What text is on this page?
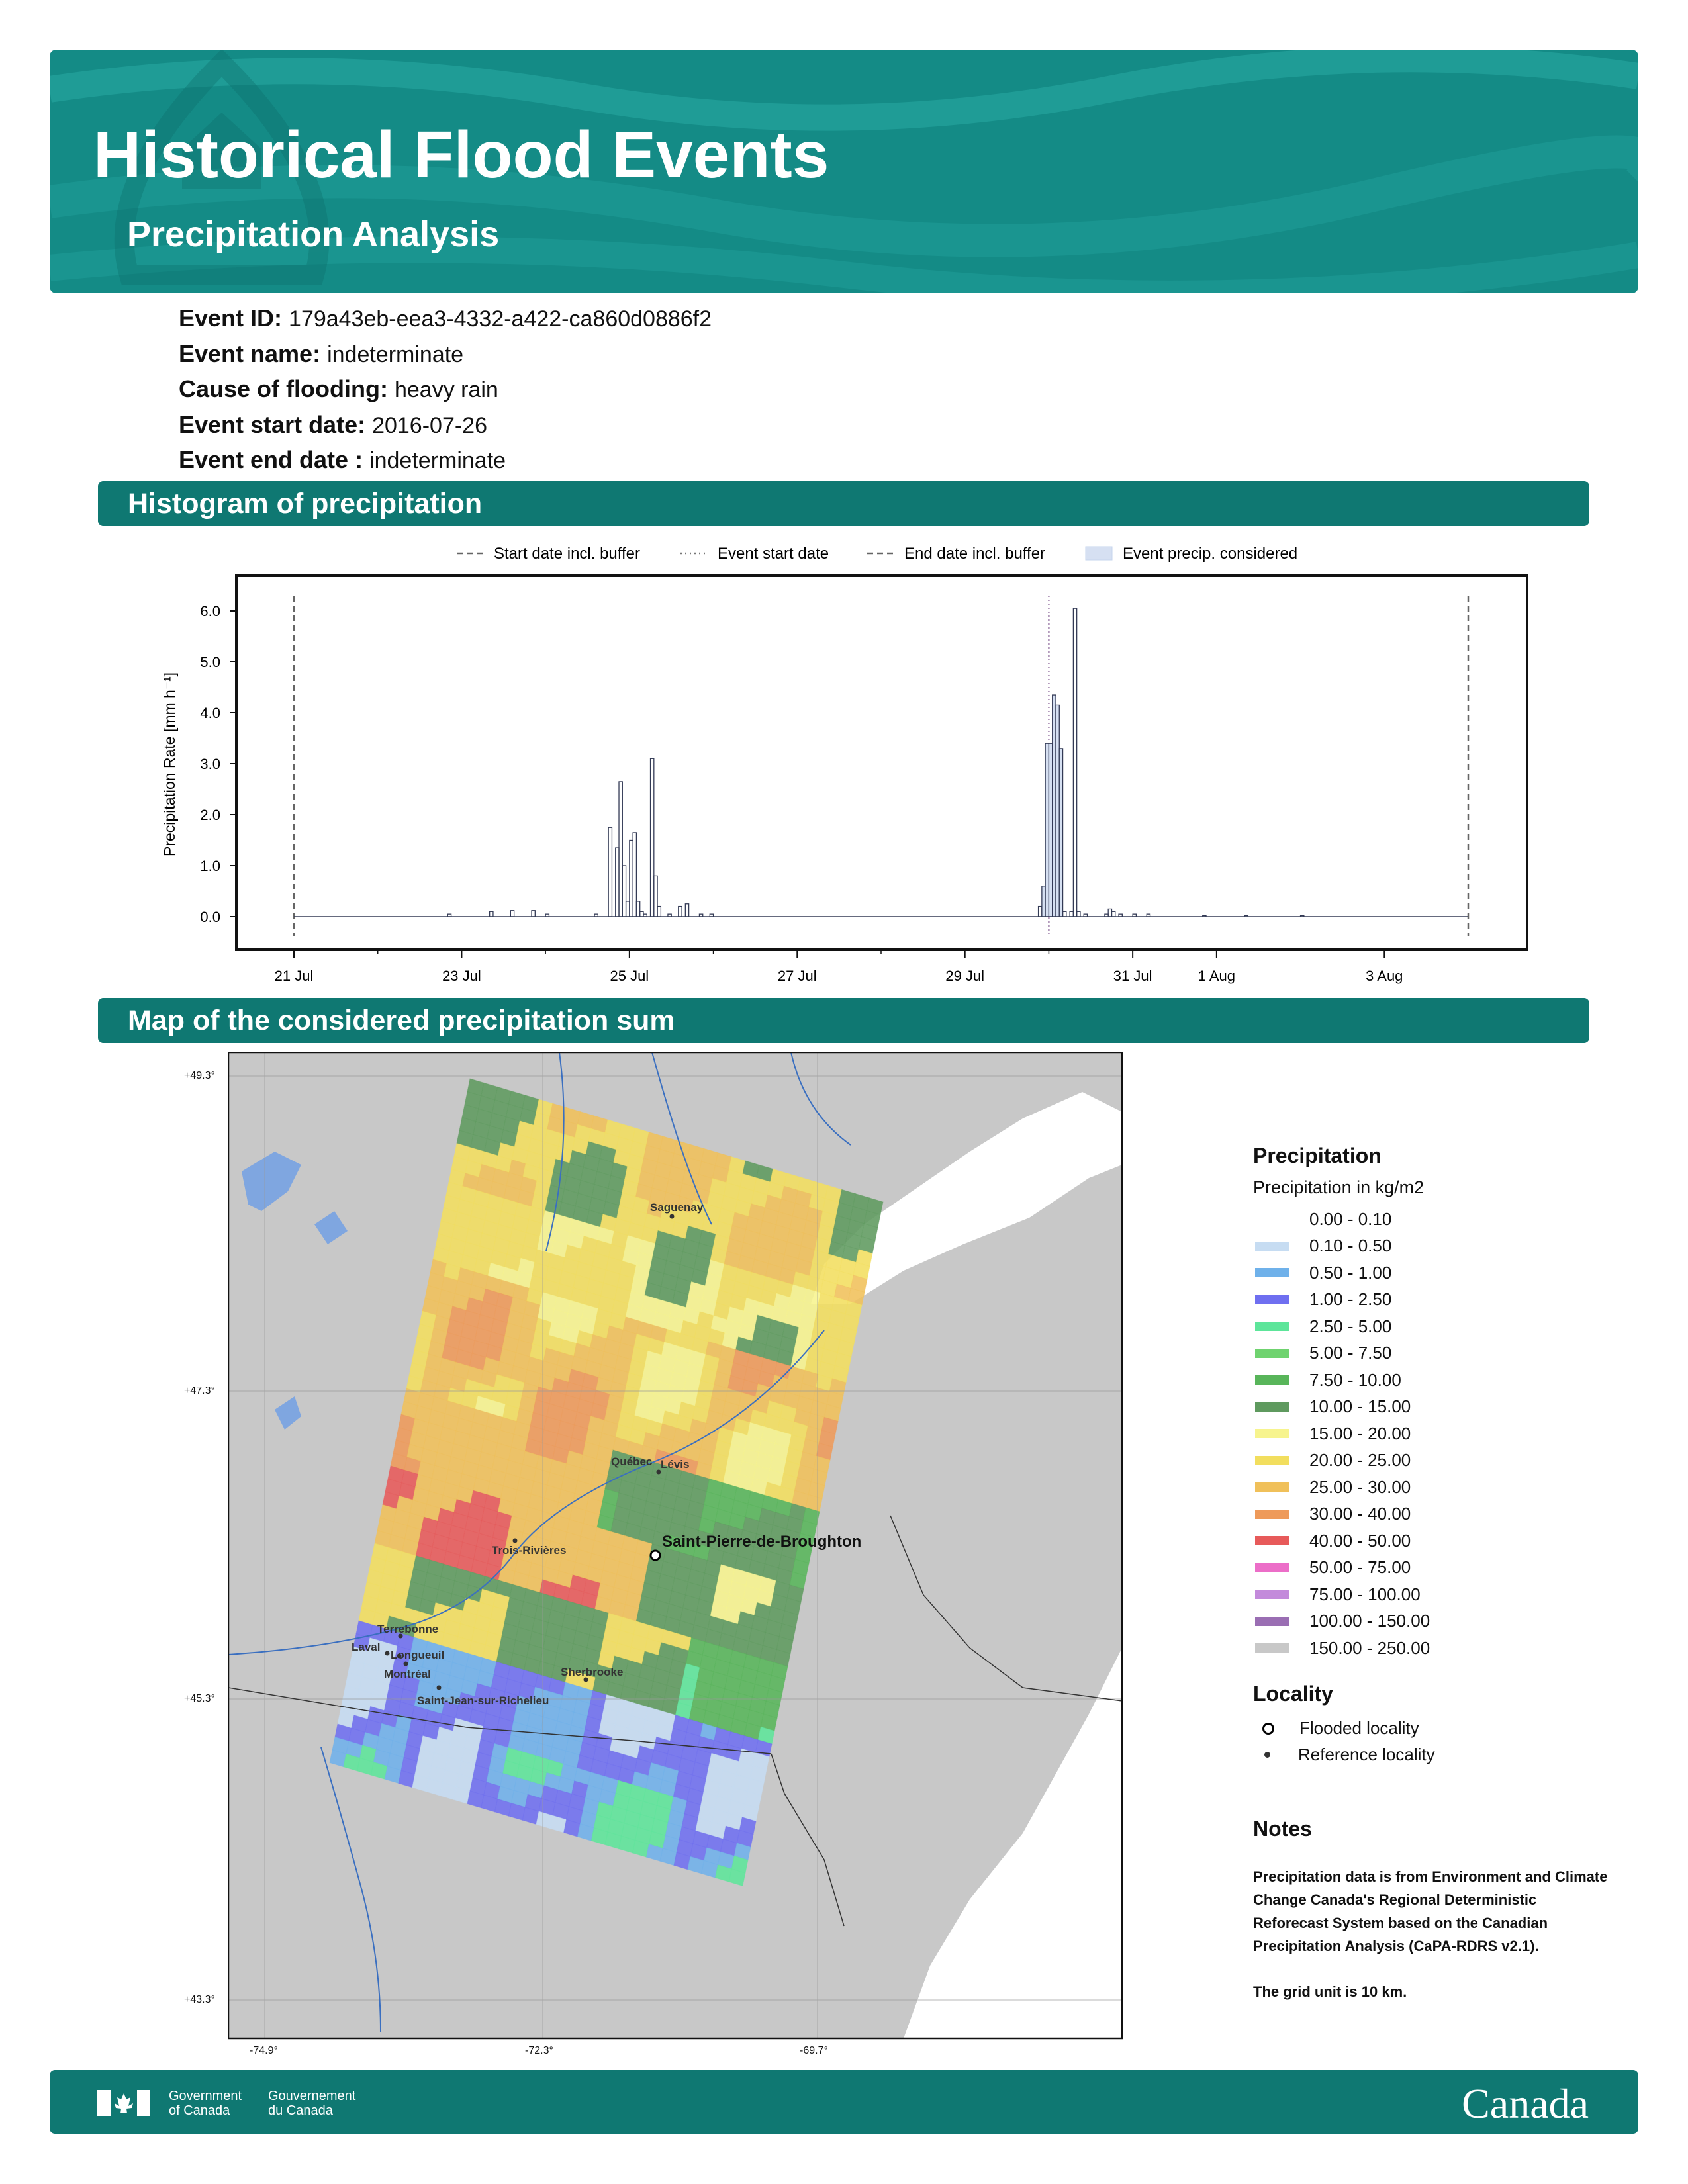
Historical Flood Events
Precipitation Analysis
Event ID: 179a43eb-eea3-4332-a422-ca860d0886f2
Event name: indeterminate
Cause of flooding: heavy rain
Event start date: 2016-07-26
Event end date : indeterminate
Histogram of precipitation
Start date incl. buffer	Event start date	End date incl. buffer	Event precip. considered
0.0
1.0
2.0
3.0
4.0
5.0
6.0
21 Jul	23 Jul	25 Jul	27 Jul	29 Jul	31 Jul	1 Aug	3 Aug
Precipitation Rate [mm h⁻¹]
Map of the considered precipitation sum
Saguenay
Québec Lévis
Saint-Pierre-de-Broughton
Trois-Rivières
Terrebonne
Laval
Longueuil
Montréal	Sherbrooke
Saint-Jean-sur-Richelieu
+49.3°
+47.3°
+45.3°
+43.3°
-74.9°	-72.3°	-69.7°
Precipitation
Precipitation in kg/m2
0.00 - 0.10
0.10 - 0.50
0.50 - 1.00
1.00 - 2.50
2.50 - 5.00
5.00 - 7.50
7.50 - 10.00
10.00 - 15.00
15.00 - 20.00
20.00 - 25.00
25.00 - 30.00
30.00 - 40.00
40.00 - 50.00
50.00 - 75.00
75.00 - 100.00
100.00 - 150.00
150.00 - 250.00
Locality
Flooded locality
Reference locality
Notes

Precipitation data is from Environment and Climate Change Canada's Regional Deterministic Reforecast System based on the Canadian Precipitation Analysis (CaPA-RDRS v2.1).

The grid unit is 10 km.

Government
of Canada
Gouvernement
du Canada	Canada
